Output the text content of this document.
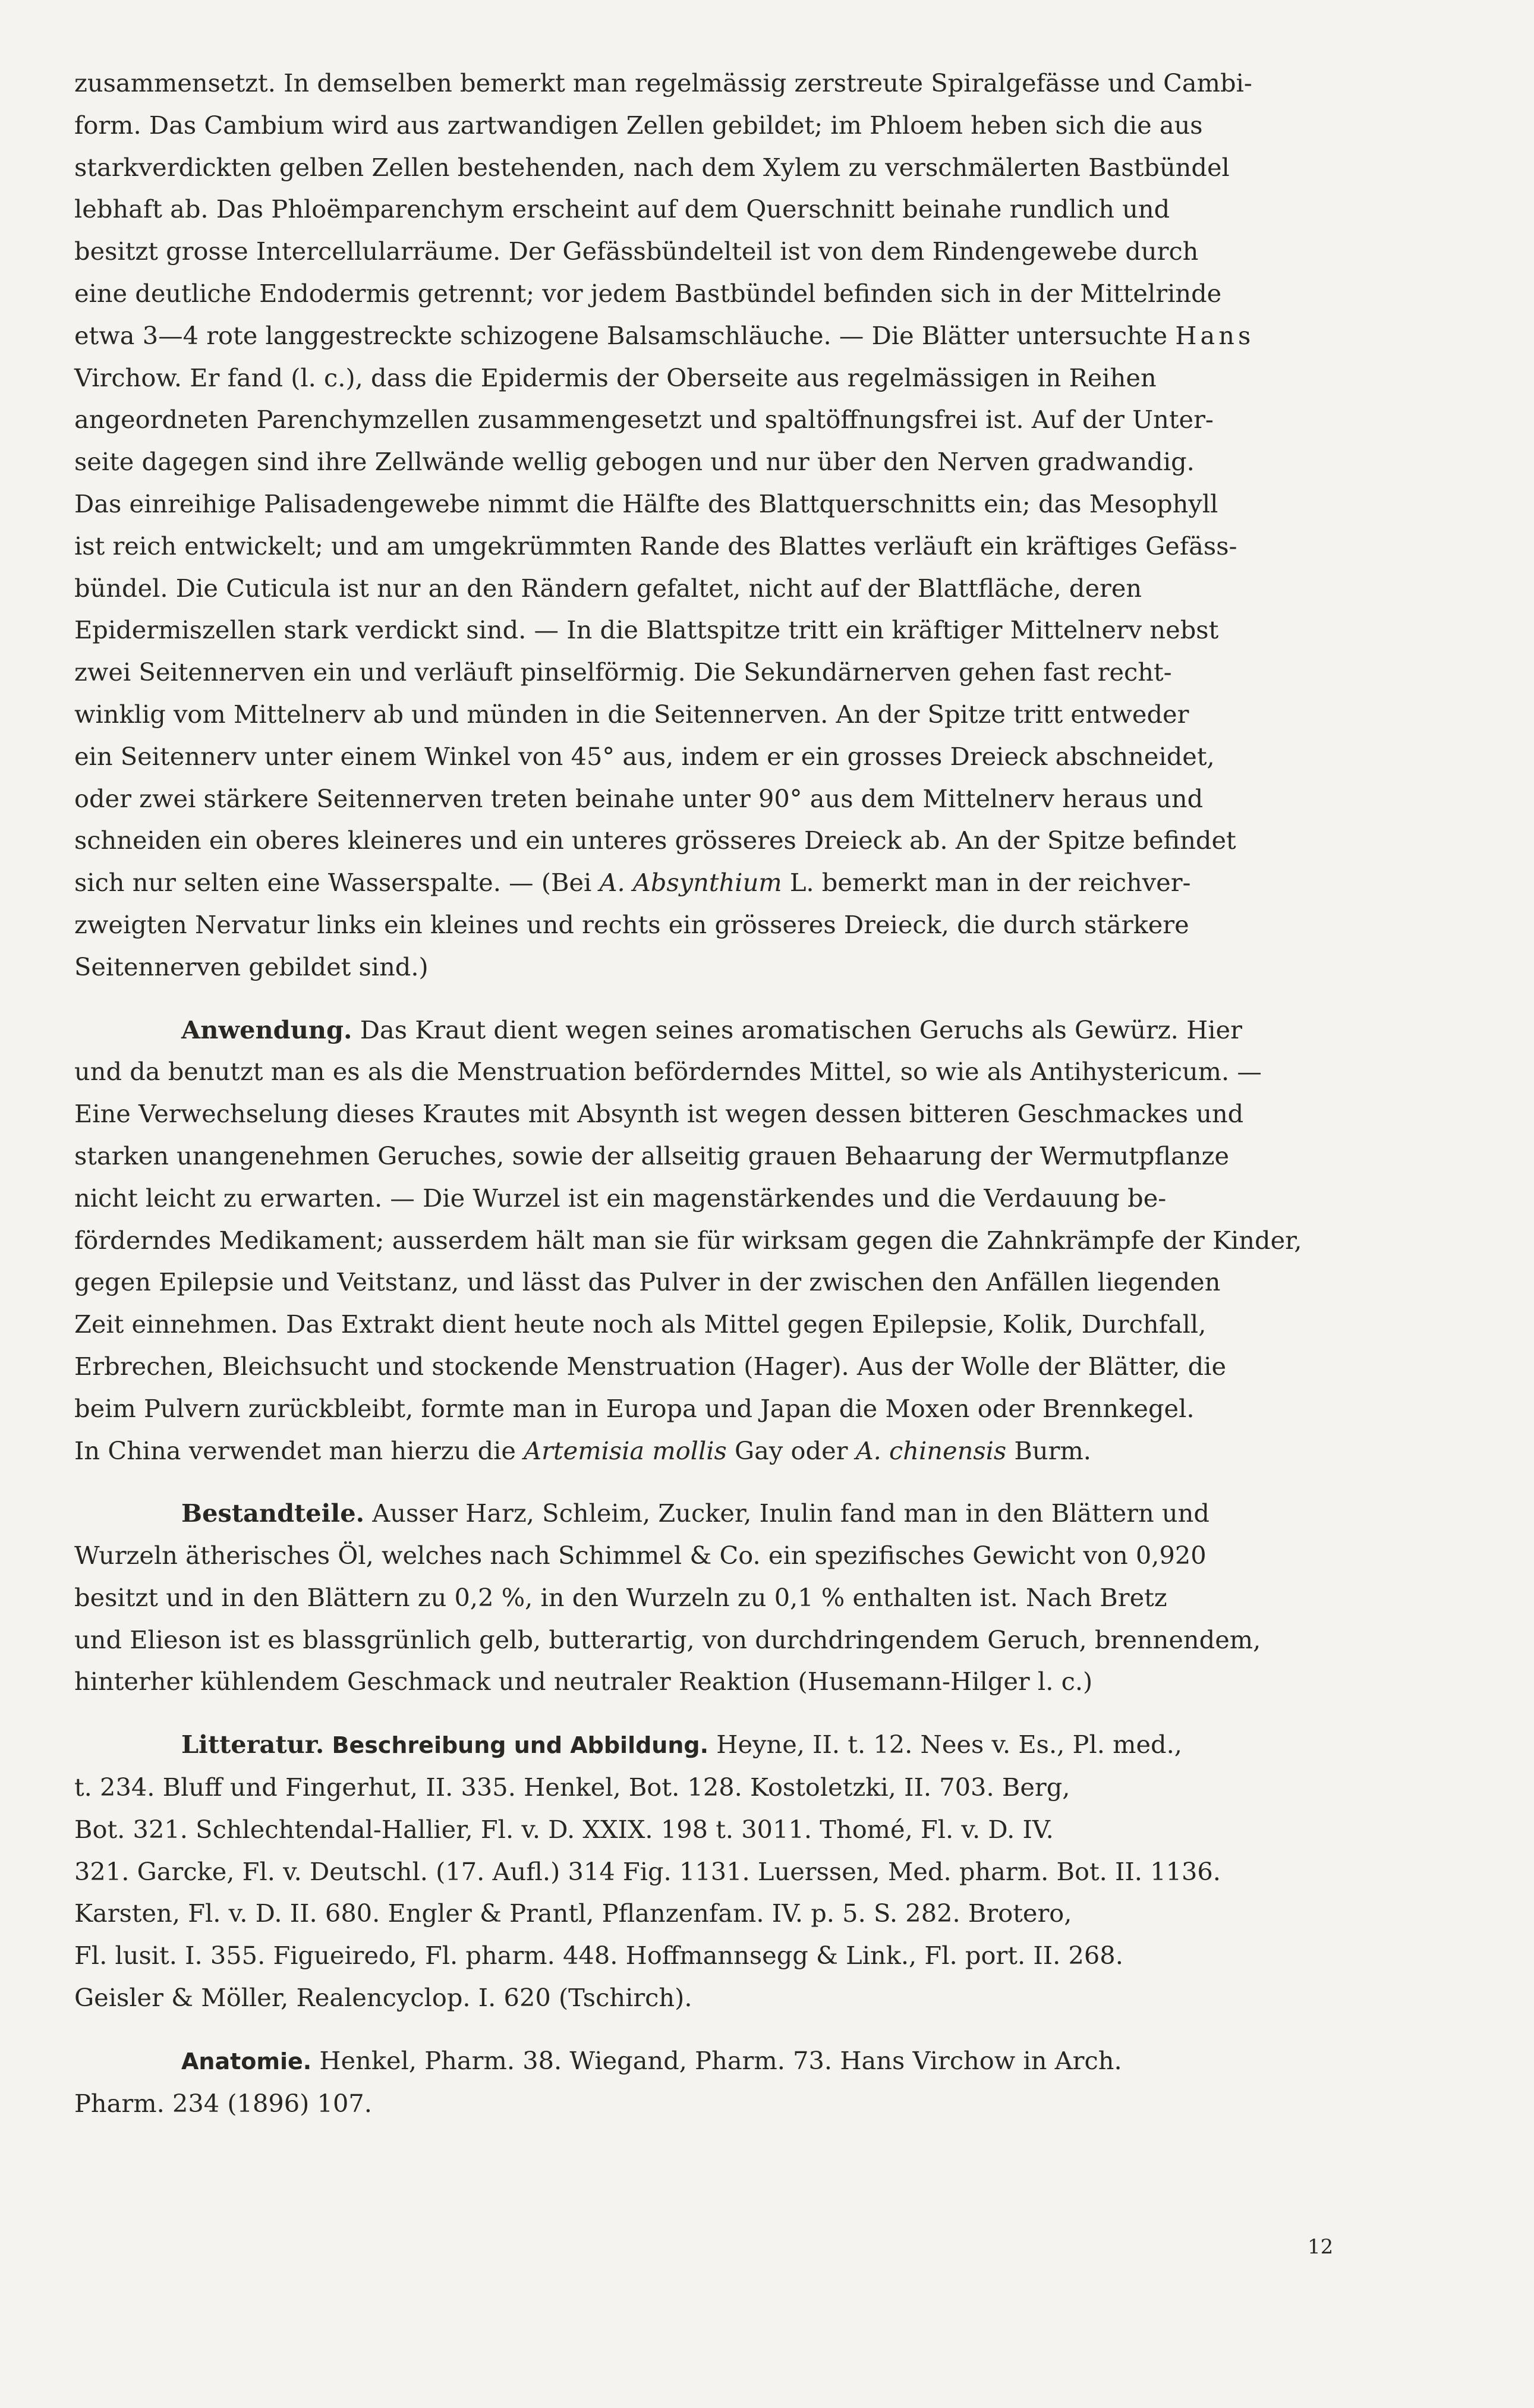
zusammensetzt. In demselben bemerkt man regelmässig zerstreute Spiralgefässe und Cambi-
form. Das Cambium wird aus zartwandigen Zellen gebildet; im Phloem heben sich die aus
starkverdickten gelben Zellen bestehenden, nach dem Xylem zu verschmälerten Bastbündel
lebhaft ab. Das Phloëmparenchym erscheint auf dem Querschnitt beinahe rundlich und
besitzt grosse Intercellularräume. Der Gefässbündelteil ist von dem Rindengewebe durch
eine deutliche Endodermis getrennt; vor jedem Bastbündel befinden sich in der Mittelrinde
etwa 3—4 rote langgestreckte schizogene Balsamschläuche. — Die Blätter untersuchte Hans
Virchow. Er fand (l. c.), dass die Epidermis der Oberseite aus regelmässigen in Reihen
angeordneten Parenchymzellen zusammengesetzt und spaltöffnungsfrei ist. Auf der Unter-
seite dagegen sind ihre Zellwände wellig gebogen und nur über den Nerven gradwandig.
Das einreihige Palisadengewebe nimmt die Hälfte des Blattquerschnitts ein; das Mesophyll
ist reich entwickelt; und am umgekrümmten Rande des Blattes verläuft ein kräftiges Gefäss-
bündel. Die Cuticula ist nur an den Rändern gefaltet, nicht auf der Blattfläche, deren
Epidermiszellen stark verdickt sind. — In die Blattspitze tritt ein kräftiger Mittelnerv nebst
zwei Seitennerven ein und verläuft pinselförmig. Die Sekundärnerven gehen fast recht-
winklig vom Mittelnerv ab und münden in die Seitennerven. An der Spitze tritt entweder
ein Seitennerv unter einem Winkel von 45° aus, indem er ein grosses Dreieck abschneidet,
oder zwei stärkere Seitennerven treten beinahe unter 90° aus dem Mittelnerv heraus und
schneiden ein oberes kleineres und ein unteres grösseres Dreieck ab. An der Spitze befindet
sich nur selten eine Wasserspalte. — (Bei A. Absynthium L. bemerkt man in der reichver-
zweigten Nervatur links ein kleines und rechts ein grösseres Dreieck, die durch stärkere
Seitennerven gebildet sind.)
Anwendung. Das Kraut dient wegen seines aromatischen Geruchs als Gewürz. Hier
und da benutzt man es als die Menstruation beförderndes Mittel, so wie als Antihystericum. —
Eine Verwechselung dieses Krautes mit Absynth ist wegen dessen bitteren Geschmackes und
starken unangenehmen Geruches, sowie der allseitig grauen Behaarung der Wermutpflanze
nicht leicht zu erwarten. — Die Wurzel ist ein magenstärkendes und die Verdauung be-
förderndes Medikament; ausserdem hält man sie für wirksam gegen die Zahnkrämpfe der Kinder,
gegen Epilepsie und Veitstanz, und lässt das Pulver in der zwischen den Anfällen liegenden
Zeit einnehmen. Das Extrakt dient heute noch als Mittel gegen Epilepsie, Kolik, Durchfall,
Erbrechen, Bleichsucht und stockende Menstruation (Hager). Aus der Wolle der Blätter, die
beim Pulvern zurückbleibt, formte man in Europa und Japan die Moxen oder Brennkegel.
In China verwendet man hierzu die Artemisia mollis Gay oder A. chinensis Burm.
Bestandteile. Ausser Harz, Schleim, Zucker, Inulin fand man in den Blättern und
Wurzeln ätherisches Öl, welches nach Schimmel & Co. ein spezifisches Gewicht von 0,920
besitzt und in den Blättern zu 0,2 %, in den Wurzeln zu 0,1 % enthalten ist. Nach Bretz
und Elieson ist es blassgrünlich gelb, butterartig, von durchdringendem Geruch, brennendem,
hinterher kühlendem Geschmack und neutraler Reaktion (Husemann-Hilger l. c.)
Litteratur. Beschreibung und Abbildung. Heyne, II. t. 12. Nees v. Es., Pl. med.,
t. 234. Bluff und Fingerhut, II. 335. Henkel, Bot. 128. Kostoletzki, II. 703. Berg,
Bot. 321. Schlechtendal-Hallier, Fl. v. D. XXIX. 198 t. 3011. Thomé, Fl. v. D. IV.
321. Garcke, Fl. v. Deutschl. (17. Aufl.) 314 Fig. 1131. Luerssen, Med. pharm. Bot. II. 1136.
Karsten, Fl. v. D. II. 680. Engler & Prantl, Pflanzenfam. IV. p. 5. S. 282. Brotero,
Fl. lusit. I. 355. Figueiredo, Fl. pharm. 448. Hoffmannsegg & Link., Fl. port. II. 268.
Geisler & Möller, Realencyclop. I. 620 (Tschirch).
Anatomie. Henkel, Pharm. 38. Wiegand, Pharm. 73. Hans Virchow in Arch.
Pharm. 234 (1896) 107.
12
